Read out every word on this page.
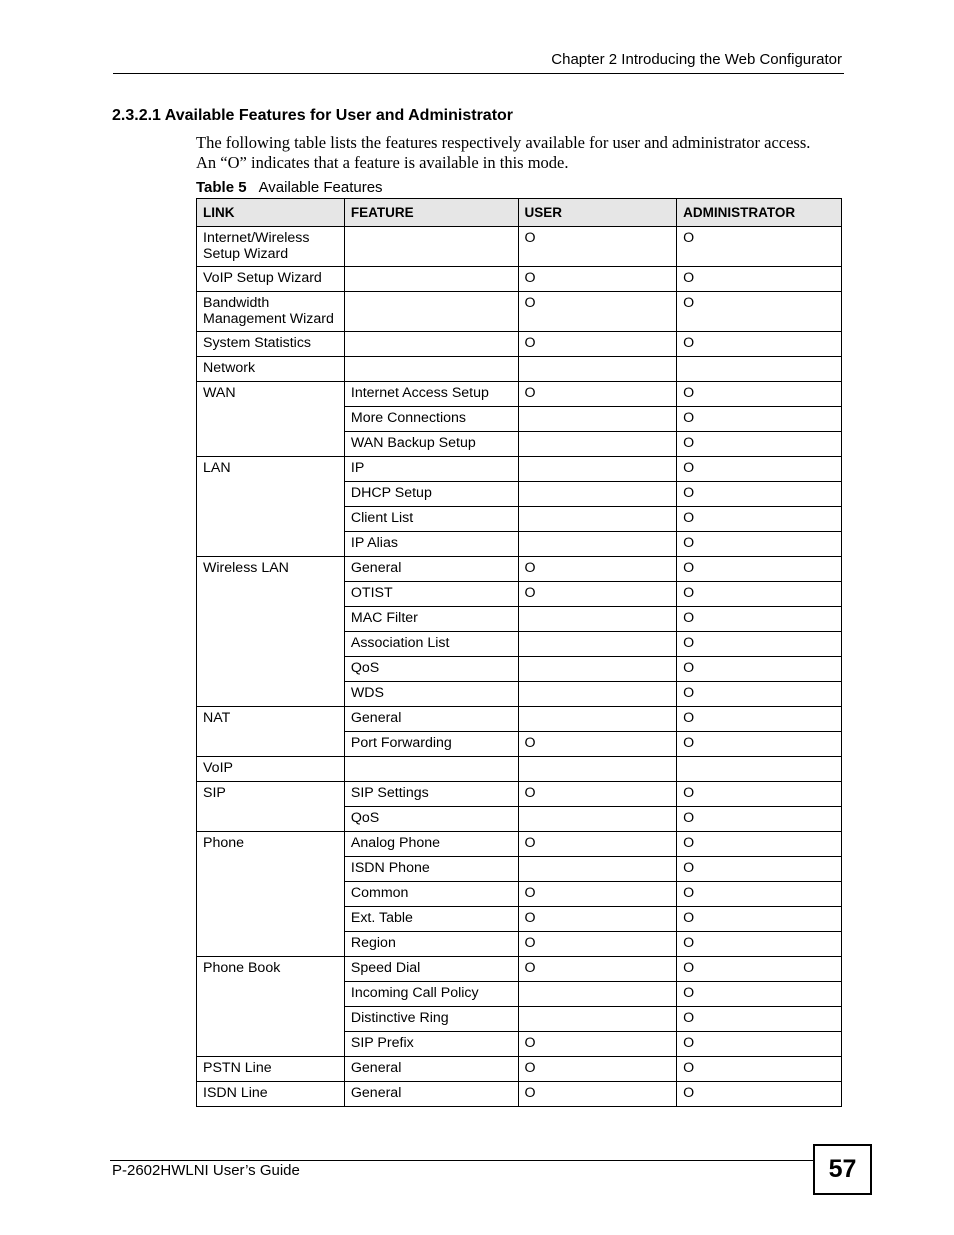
Chapter 2 Introducing the Web Configurator
2.3.2.1 Available Features for User and Administrator

The following table lists the features respectively available for user and administrator access.

An “O” indicates that a feature is available in this mode.

Table 5 Available Features
LINK	FEATURE	USER	ADMINISTRATOR
Internet/Wireless Setup Wizard		O	O
VoIP Setup Wizard		O	O
Bandwidth Management Wizard		O	O
System Statistics		O	O
Network			
WAN	Internet Access Setup	O	O
	More Connections		O
	WAN Backup Setup		O
LAN	IP		O
	DHCP Setup		O
	Client List		O
	IP Alias		O
Wireless LAN	General	O	O
	OTIST	O	O
	MAC Filter		O
	Association List		O
	QoS		O
	WDS		O
NAT	General		O
	Port Forwarding	O	O
VoIP			
SIP	SIP Settings	O	O
	QoS		O
Phone	Analog Phone	O	O
	ISDN Phone		O
	Common	O	O
	Ext. Table	O	O
	Region	O	O
Phone Book	Speed Dial	O	O
	Incoming Call Policy		O
	Distinctive Ring		O
	SIP Prefix	O	O
PSTN Line	General	O	O
ISDN Line	General	O	O
P-2602HWLNI User’s Guide	57
